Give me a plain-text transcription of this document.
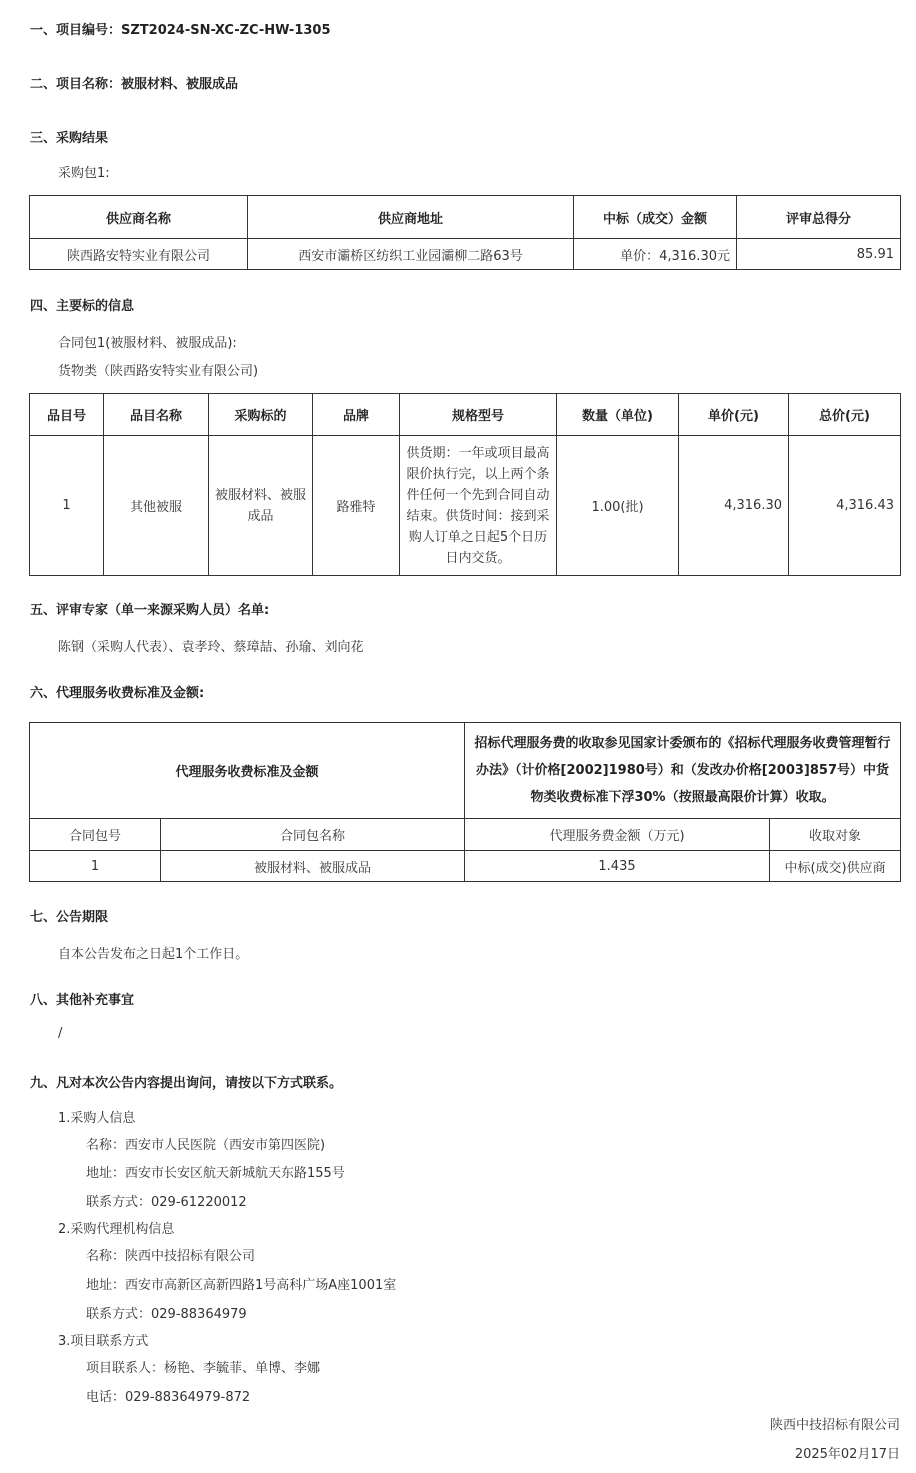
一、项目编号：SZT2024-SN-XC-ZC-HW-1305
二、项目名称：被服材料、被服成品
三、采购结果
采购包1:
供应商名称	供应商地址	中标（成交）金额	评审总得分
陕西路安特实业有限公司	西安市灞桥区纺织工业园灞柳二路63号	单价：4,316.30元	85.91
四、主要标的信息
合同包1(被服材料、被服成品):
货物类（陕西路安特实业有限公司)
品目号	品目名称	采购标的	品牌	规格型号	数量（单位)	单价(元)	总价(元)
1	其他被服	被服材料、被服成品	路雅特	供货期：一年或项目最高限价执行完，以上两个条件任何一个先到合同自动结束。供货时间：接到采购人订单之日起5个日历日内交货。	1.00(批)	4,316.30	4,316.43
五、评审专家（单一来源采购人员）名单:
陈钢（采购人代表）、袁孝玲、蔡璋喆、孙瑜、刘向花
六、代理服务收费标准及金额:
代理服务收费标准及金额		招标代理服务费的收取参见国家计委颁布的《招标代理服务收费管理暂行办法》（计价格[2002]1980号）和（发改办价格[2003]857号）中货物类收费标准下浮30%（按照最高限价计算）收取。	
合同包号	合同包名称	代理服务费金额（万元)	收取对象
1	被服材料、被服成品	1.435	中标(成交)供应商
七、公告期限
自本公告发布之日起1个工作日。
八、其他补充事宜
/
九、凡对本次公告内容提出询问，请按以下方式联系。
1.采购人信息
名称：西安市人民医院（西安市第四医院)
地址：西安市长安区航天新城航天东路155号
联系方式：029-61220012
2.采购代理机构信息
名称：陕西中技招标有限公司
地址：西安市高新区高新四路1号高科广场A座1001室
联系方式：029-88364979
3.项目联系方式
项目联系人：杨艳、李毓菲、单博、李娜
电话：029-88364979-872
陕西中技招标有限公司
2025年02月17日
